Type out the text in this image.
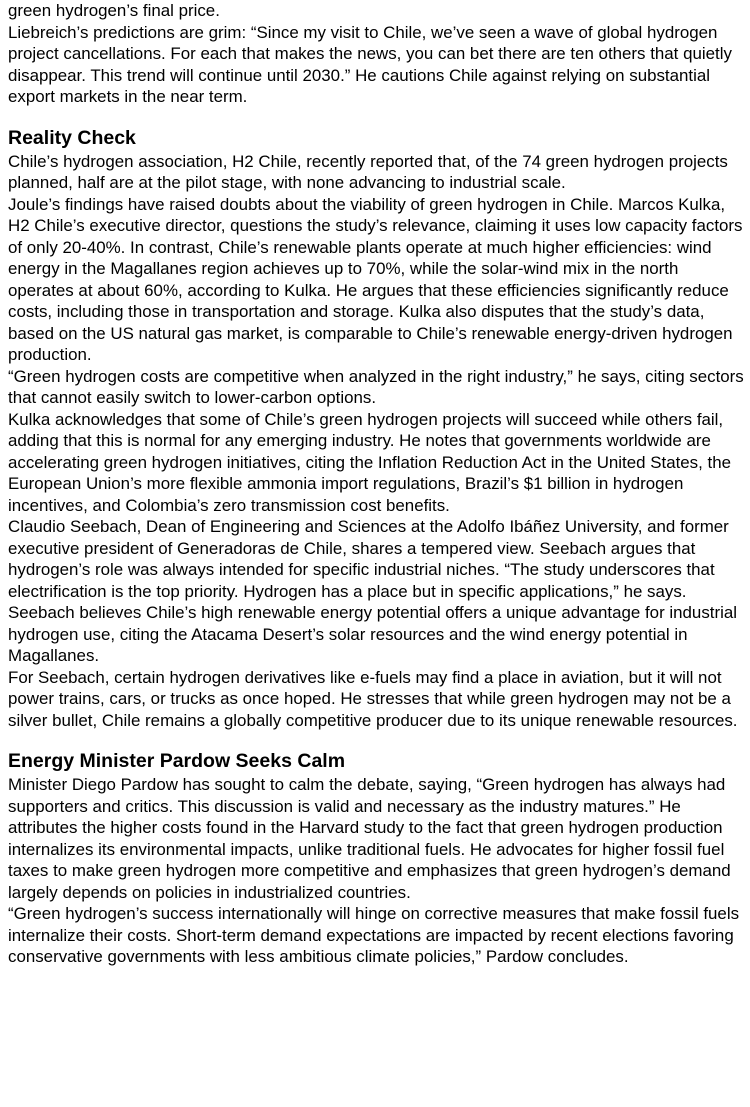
green hydrogen’s final price.

Liebreich’s predictions are grim: “Since my visit to Chile, we’ve seen a wave of global hydrogen project cancellations. For each that makes the news, you can bet there are ten others that quietly disappear. This trend will continue until 2030.” He cautions Chile against relying on substantial export markets in the near term.

Reality Check

Chile’s hydrogen association, H2 Chile, recently reported that, of the 74 green hydrogen projects planned, half are at the pilot stage, with none advancing to industrial scale.

Joule’s findings have raised doubts about the viability of green hydrogen in Chile. Marcos Kulka, H2 Chile’s executive director, questions the study’s relevance, claiming it uses low capacity factors of only 20-40%. In contrast, Chile’s renewable plants operate at much higher efficiencies: wind energy in the Magallanes region achieves up to 70%, while the solar-wind mix in the north operates at about 60%, according to Kulka. He argues that these efficiencies significantly reduce costs, including those in transportation and storage. Kulka also disputes that the study’s data, based on the US natural gas market, is comparable to Chile’s renewable energy-driven hydrogen production.

“Green hydrogen costs are competitive when analyzed in the right industry,” he says, citing sectors that cannot easily switch to lower-carbon options.

Kulka acknowledges that some of Chile’s green hydrogen projects will succeed while others fail, adding that this is normal for any emerging industry. He notes that governments worldwide are accelerating green hydrogen initiatives, citing the Inflation Reduction Act in the United States, the European Union’s more flexible ammonia import regulations, Brazil’s $1 billion in hydrogen incentives, and Colombia’s zero transmission cost benefits.

Claudio Seebach, Dean of Engineering and Sciences at the Adolfo Ibáñez University, and former executive president of Generadoras de Chile, shares a tempered view. Seebach argues that hydrogen’s role was always intended for specific industrial niches. “The study underscores that electrification is the top priority. Hydrogen has a place but in specific applications,” he says. Seebach believes Chile’s high renewable energy potential offers a unique advantage for industrial hydrogen use, citing the Atacama Desert’s solar resources and the wind energy potential in Magallanes.

For Seebach, certain hydrogen derivatives like e-fuels may find a place in aviation, but it will not power trains, cars, or trucks as once hoped. He stresses that while green hydrogen may not be a silver bullet, Chile remains a globally competitive producer due to its unique renewable resources.

Energy Minister Pardow Seeks Calm

Minister Diego Pardow has sought to calm the debate, saying, “Green hydrogen has always had supporters and critics. This discussion is valid and necessary as the industry matures.” He attributes the higher costs found in the Harvard study to the fact that green hydrogen production internalizes its environmental impacts, unlike traditional fuels. He advocates for higher fossil fuel taxes to make green hydrogen more competitive and emphasizes that green hydrogen’s demand largely depends on policies in industrialized countries.

“Green hydrogen’s success internationally will hinge on corrective measures that make fossil fuels internalize their costs. Short-term demand expectations are impacted by recent elections favoring conservative governments with less ambitious climate policies,” Pardow concludes.
